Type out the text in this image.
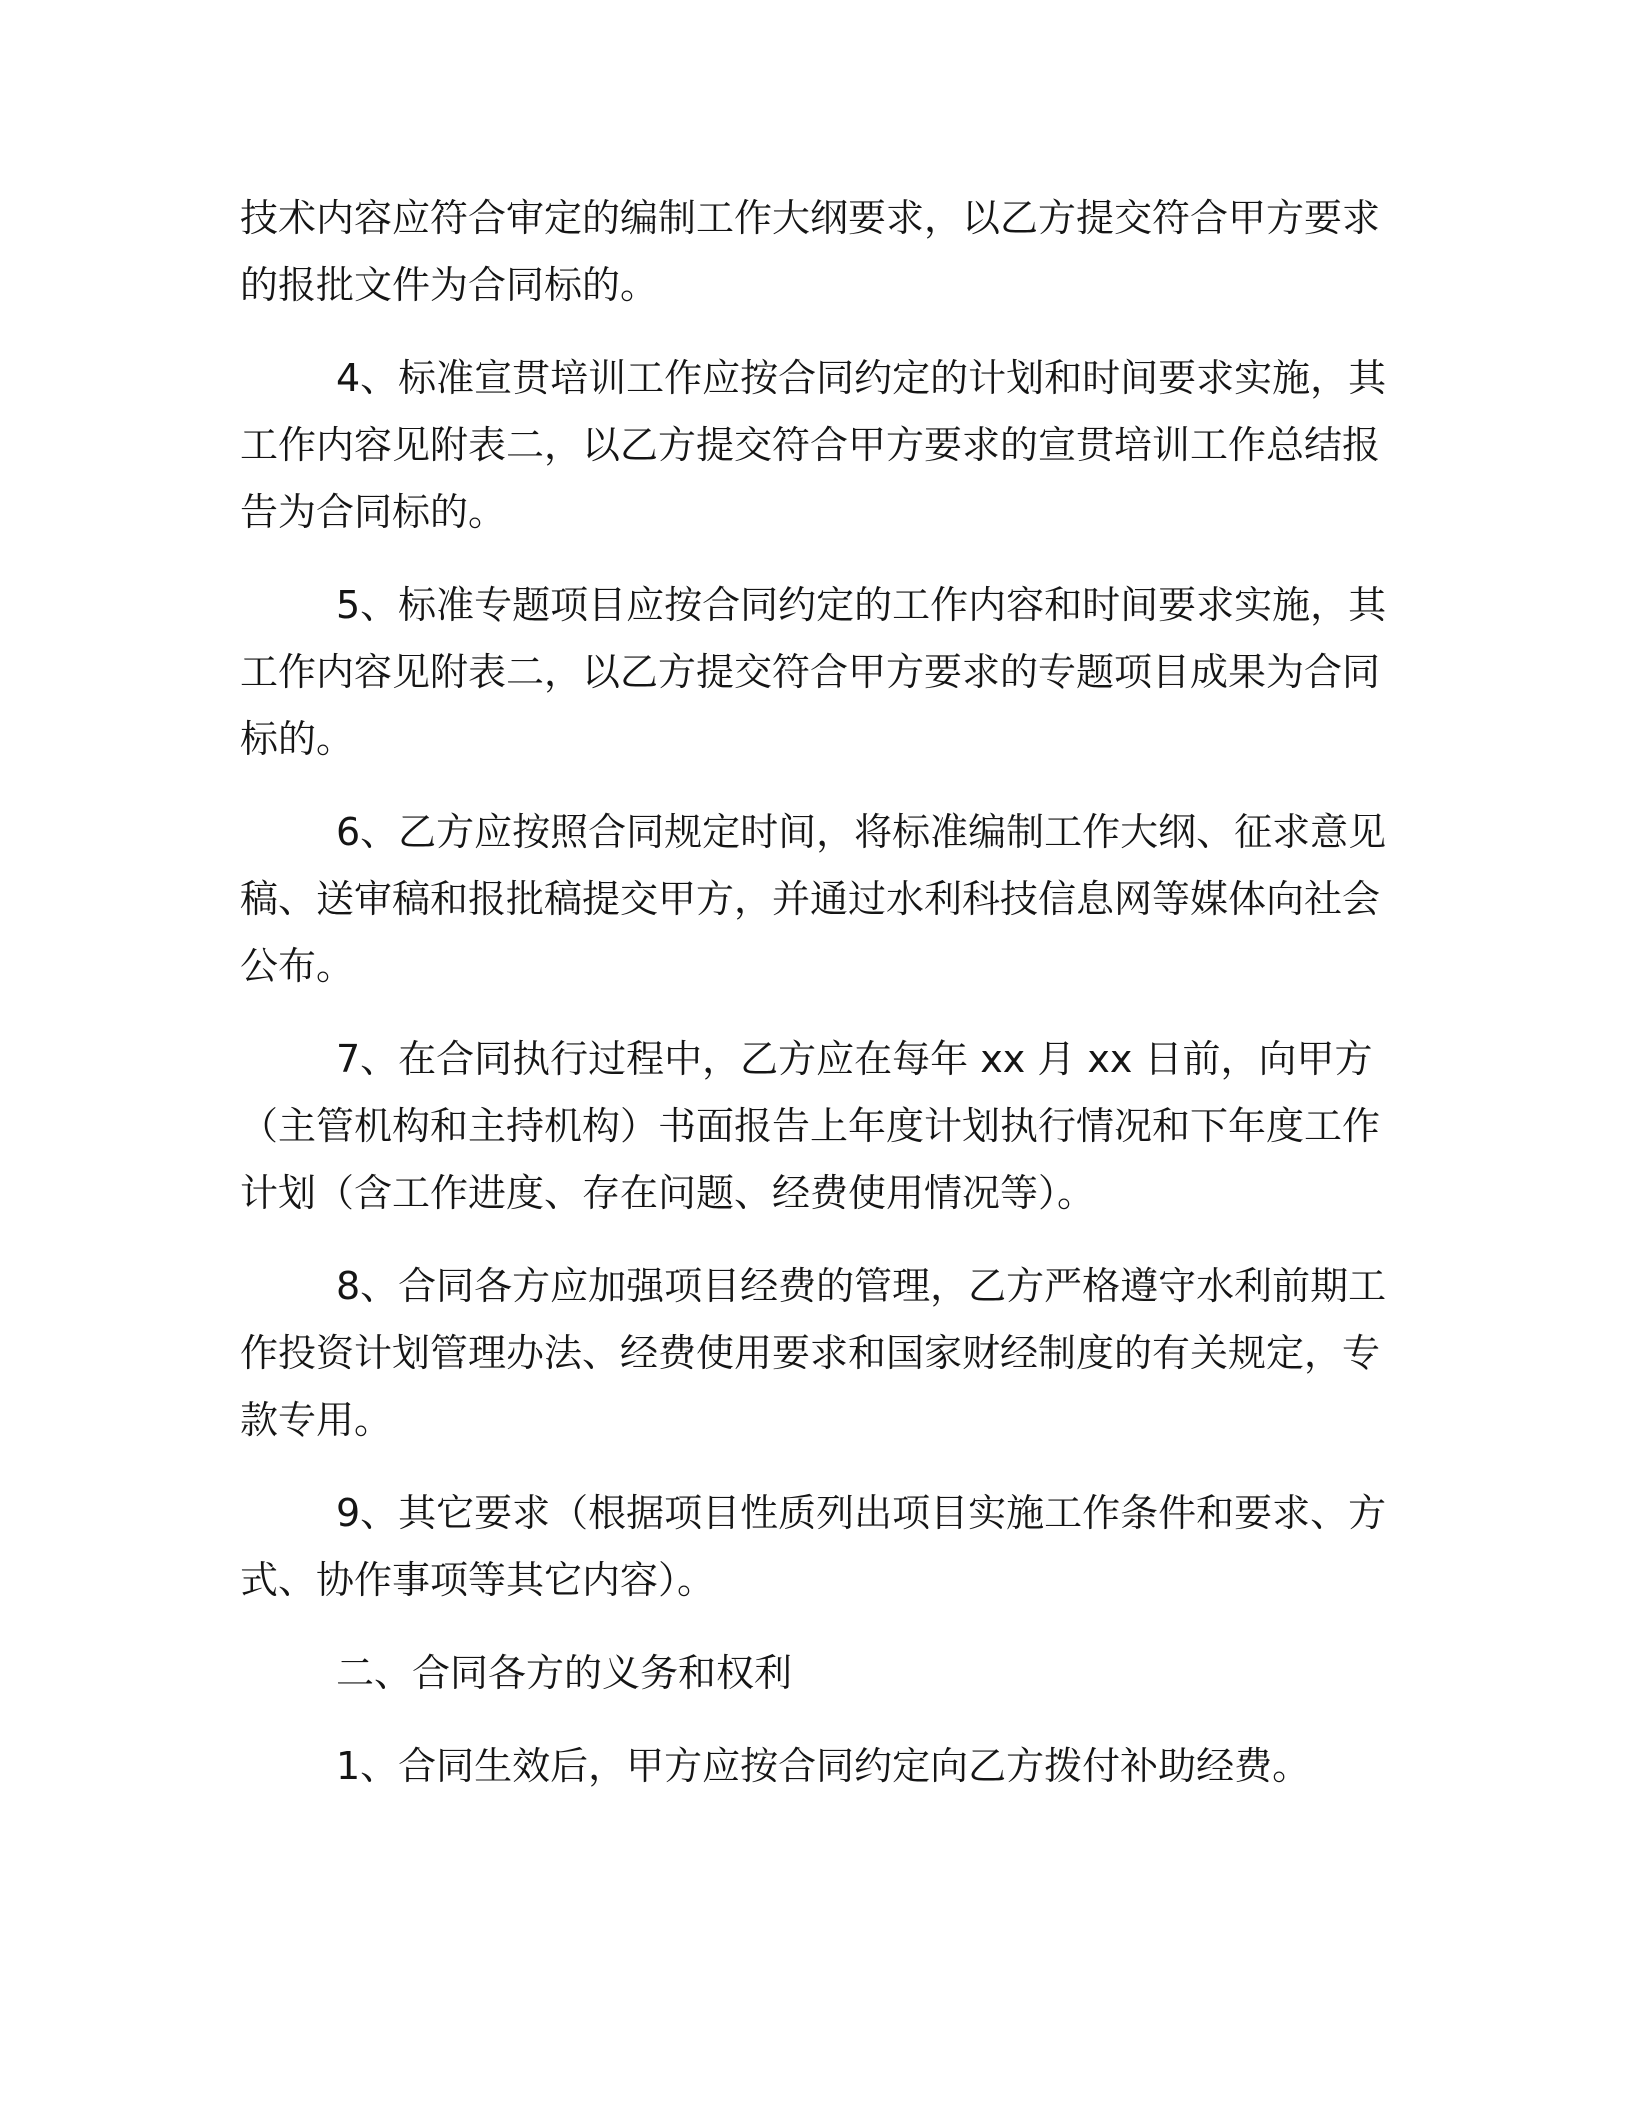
技术内容应符合审定的编制工作大纲要求，以乙方提交符合甲方要求
的报批文件为合同标的。
4、标准宣贯培训工作应按合同约定的计划和时间要求实施，其
工作内容见附表二，以乙方提交符合甲方要求的宣贯培训工作总结报
告为合同标的。
5、标准专题项目应按合同约定的工作内容和时间要求实施，其
工作内容见附表二，以乙方提交符合甲方要求的专题项目成果为合同
标的。
6、乙方应按照合同规定时间，将标准编制工作大纲、征求意见
稿、送审稿和报批稿提交甲方，并通过水利科技信息网等媒体向社会
公布。
7、在合同执行过程中，乙方应在每年 xx 月 xx 日前，向甲方
（主管机构和主持机构）书面报告上年度计划执行情况和下年度工作
计划（含工作进度、存在问题、经费使用情况等）。
8、合同各方应加强项目经费的管理，乙方严格遵守水利前期工
作投资计划管理办法、经费使用要求和国家财经制度的有关规定，专
款专用。
9、其它要求（根据项目性质列出项目实施工作条件和要求、方
式、协作事项等其它内容）。
二、合同各方的义务和权利
1、合同生效后，甲方应按合同约定向乙方拨付补助经费。
